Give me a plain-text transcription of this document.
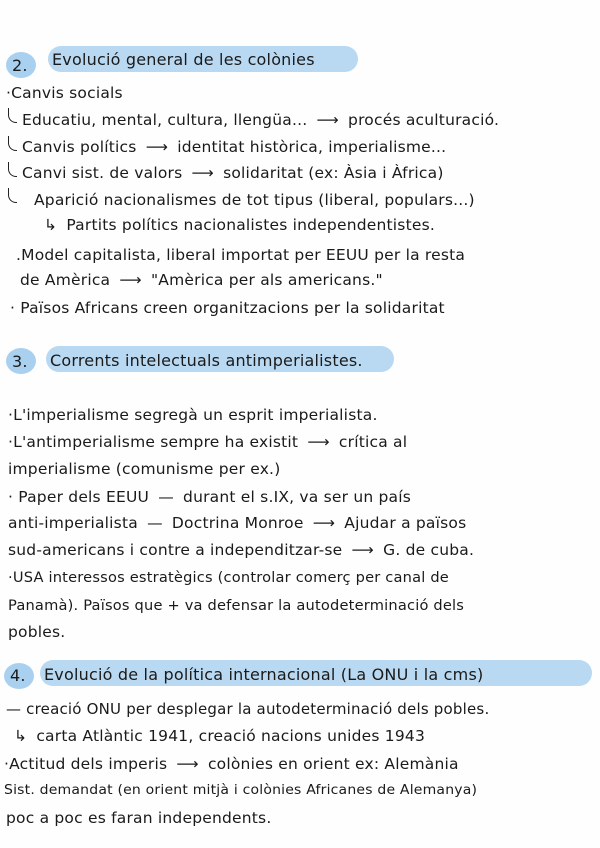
2. Evolució general de les colònies
·Canvis socials
Educatiu, mental, cultura, llengüa... ⟶ procés aculturació.
Canvis polítics ⟶ identitat històrica, imperialisme...
Canvi sist. de valors ⟶ solidaritat (ex: Àsia i Àfrica)
Aparició nacionalismes de tot tipus (liberal, populars...)
↳ Partits polítics nacionalistes independentistes.
.Model capitalista, liberal importat per EEUU per la resta
de Amèrica ⟶ "Amèrica per als americans."
· Països Africans creen organitzacions per la solidaritat
3. Corrents intelectuals antimperialistes.
·L'imperialisme segregà un esprit imperialista.
·L'antimperialisme sempre ha existit ⟶ crítica al
imperialisme (comunisme per ex.)
· Paper dels EEUU — durant el s.IX, va ser un país
anti-imperialista — Doctrina Monroe ⟶ Ajudar a països
sud-americans i contre a independitzar-se ⟶ G. de cuba.
·USA interessos estratègics (controlar comerç per canal de
Panamà). Països que + va defensar la autodeterminació dels
pobles.
4. Evolució de la política internacional (La ONU i la cms)
— creació ONU per desplegar la autodeterminació dels pobles.
↳ carta Atlàntic 1941, creació nacions unides 1943
·Actitud dels imperis ⟶ colònies en orient ex: Alemània
Sist. demandat (en orient mitjà i colònies Africanes de Alemanya)
poc a poc es faran independents.
